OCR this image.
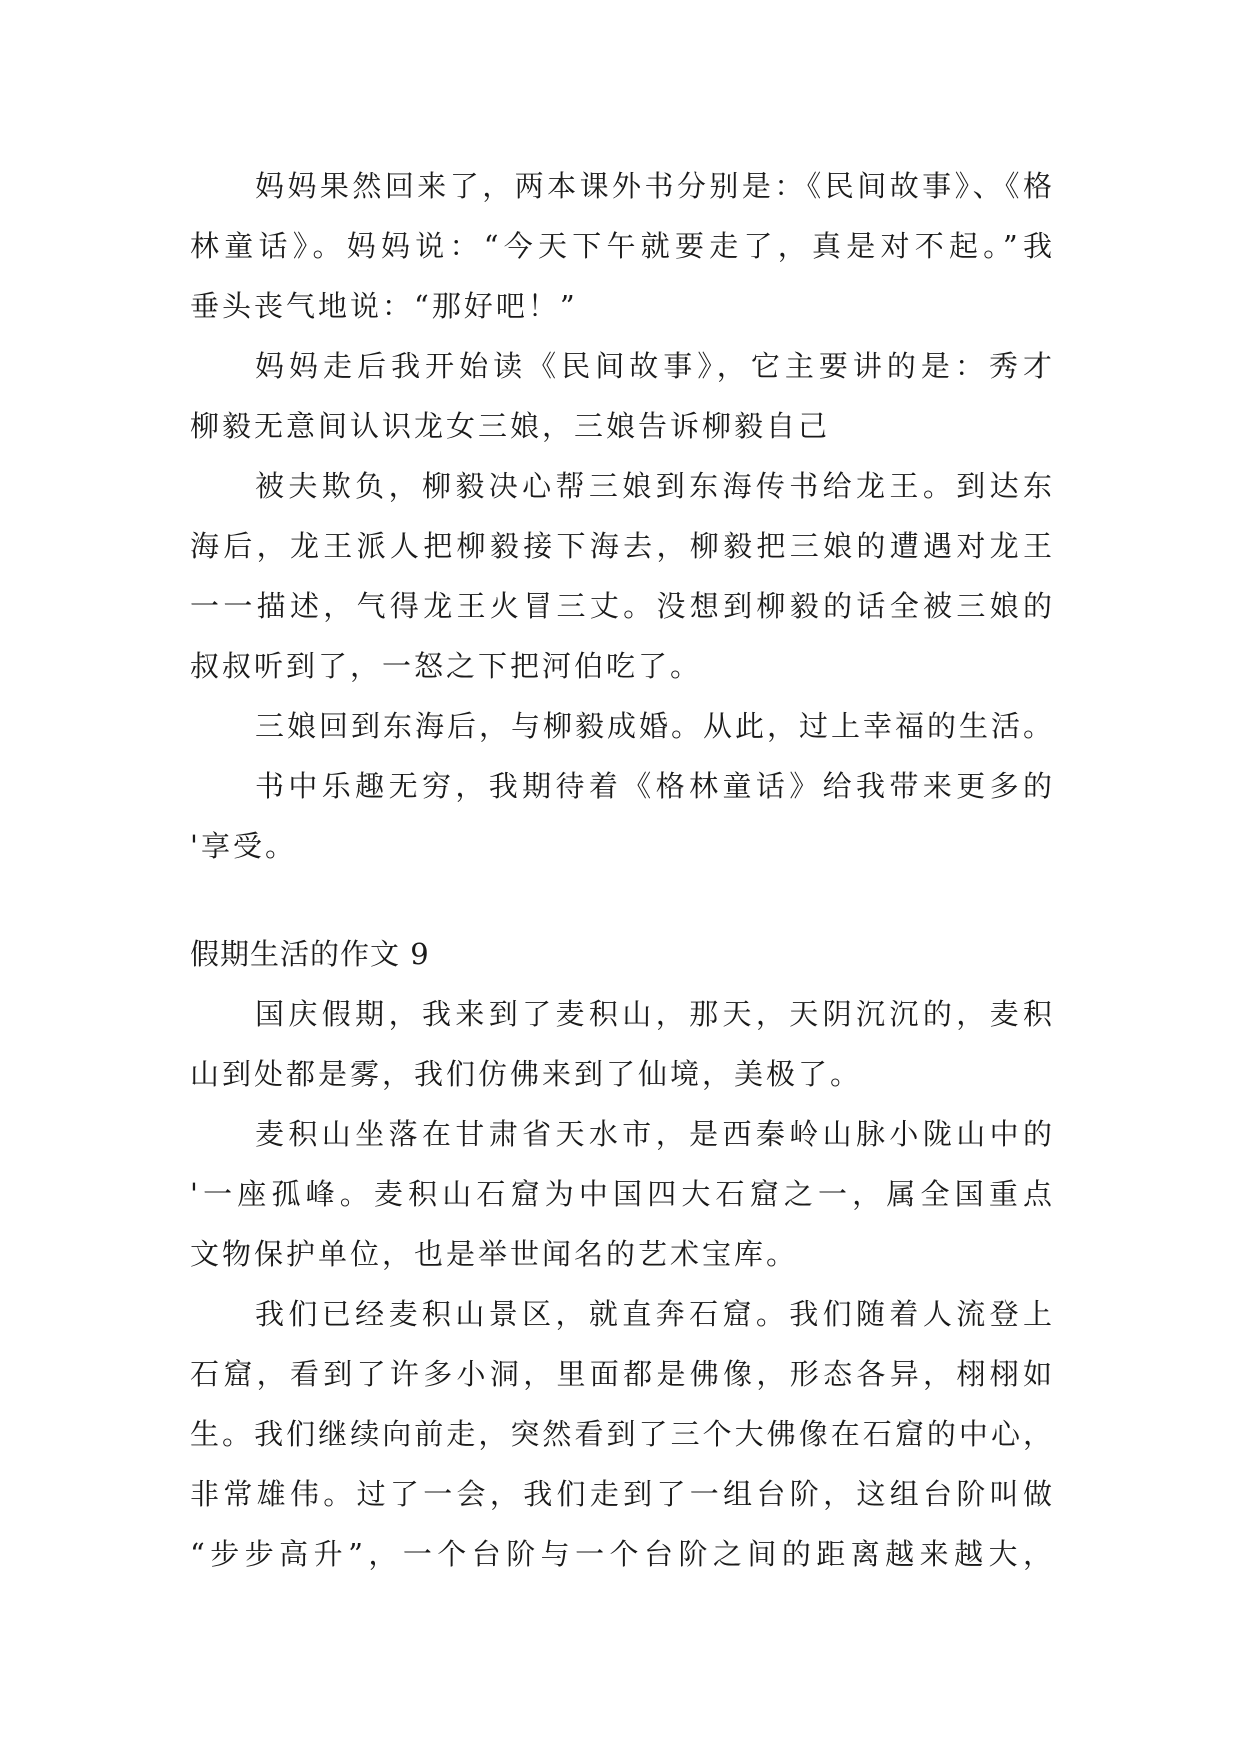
妈妈果然回来了，两本课外书分别是：《民间故事》、《格
林童话》。妈妈说：“今天下午就要走了，真是对不起。”我
垂头丧气地说：“那好吧！”
妈妈走后我开始读《民间故事》，它主要讲的是：秀才
柳毅无意间认识龙女三娘，三娘告诉柳毅自己
被夫欺负，柳毅决心帮三娘到东海传书给龙王。到达东
海后，龙王派人把柳毅接下海去，柳毅把三娘的遭遇对龙王
一一描述，气得龙王火冒三丈。没想到柳毅的话全被三娘的
叔叔听到了，一怒之下把河伯吃了。
三娘回到东海后，与柳毅成婚。从此，过上幸福的生活。
书中乐趣无穷，我期待着《格林童话》给我带来更多的
'享受。
假期生活的作文 9
国庆假期，我来到了麦积山，那天，天阴沉沉的，麦积
山到处都是雾，我们仿佛来到了仙境，美极了。
麦积山坐落在甘肃省天水市，是西秦岭山脉小陇山中的
'一座孤峰。麦积山石窟为中国四大石窟之一，属全国重点
文物保护单位，也是举世闻名的艺术宝库。
我们已经麦积山景区，就直奔石窟。我们随着人流登上
石窟，看到了许多小洞，里面都是佛像，形态各异，栩栩如
生。我们继续向前走，突然看到了三个大佛像在石窟的中心，
非常雄伟。过了一会，我们走到了一组台阶，这组台阶叫做
“步步高升”，一个台阶与一个台阶之间的距离越来越大，
